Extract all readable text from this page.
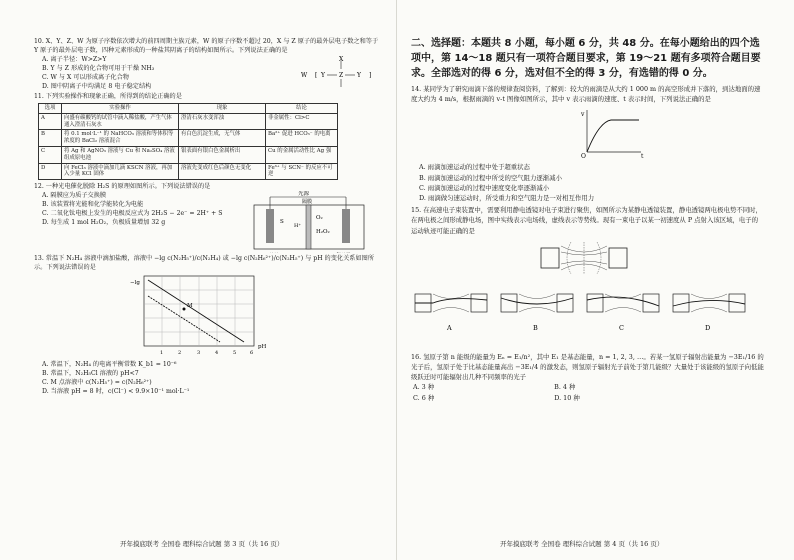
10. X、Y、Z、W 为原子序数依次增大的前四周期主族元素，W 的原子序数不超过 20，X 与 Z 原子的最外层电子数之和等于 Y 原子的最外层电子数，四种元素形成的一种盐其阴离子的结构如图所示。下列说法正确的是

A. 离子半径：W>Z>Y

B. Y 与 Z 形成的化合物可用于干燥 NH₃

C. W 与 X 可以形成离子化合物

D. 图中阴离子中均满足 8 电子稳定结构

W [ Y Z Y
X
]

11. 下列实验操作和现象正确，所得到的结论正确的是

选项	实验操作	现象	结论
A	向盛有碳酸钙的试管中滴入稀盐酸，产生气体通入澄清石灰水	澄清石灰水变浑浊	非金属性：Cl>C
B	将 0.1 mol·L⁻¹ 的 NaHCO₃ 溶液和等体积等浓度的 BaCl₂ 溶液混合	有白色沉淀生成，无气体	Ba²⁺ 促进 HCO₃⁻ 的电离
C	将 Ag 和 AgNO₃ 溶液与 Cu 和 Na₂SO₄ 溶液组成原电池	银表面有银白色金属析出	Cu 的金属活动性比 Ag 强
D	向 FeCl₃ 溶液中滴加几滴 KSCN 溶液，再加入少量 KCl 固体	溶液先变成红色后颜色无变化	Fe³⁺ 与 SCN⁻ 的反应不可逆

12. 一种光电催化脱除 H₂S 的原理如图所示。下列说法错误的是

A. 隔膜应为质子交换膜

B. 该装置将光能和化学能转化为电能

C. 二氧化钛电极上发生的电极反应式为 2H₂S − 2e⁻ = 2H⁺ + S

D. 每生成 1 mol H₂O₂，负极质量增加 32 g

光源
隔膜
S
O₂
H₂O₂
H⁺

13. 常温下 N₂H₄ 溶液中滴加盐酸，溶液中 −lg c(N₂H₅⁺)/c(N₂H₄) 或 −lg c(N₂H₆²⁺)/c(N₂H₅⁺) 与 pH 的变化关系如图所示。下列说法错误的是

M
−lg
pH
1	2	3	4	5	6

A. 常温下，N₂H₄ 的电离平衡常数 K_b1 = 10⁻⁶

B. 常温下，N₂H₅Cl 溶液的 pH<7

C. M 点溶液中 c(N₂H₅⁺) = c(N₂H₆²⁺)

D. 当溶液 pH = 8 时，c(Cl⁻) < 9.9×10⁻¹ mol·L⁻¹

开年摸底联考 全国卷 理科综合试题 第 3 页（共 16 页）

二、选择题：本题共 8 小题，每小题 6 分，共 48 分。在每小题给出的四个选项中，第 14～18 题只有一项符合题目要求，第 19～21 题有多项符合题目要求。全部选对的得 6 分，选对但不全的得 3 分，有选错的得 0 分。

14. 某同学为了研究雨滴下落的规律查阅资料，了解到：较大的雨滴是从大约 1 000 m 的高空形成并下落的，到达地面的速度大约为 4 m/s，根据雨滴的 v-t 图像如图所示，其中 v 表示雨滴的速度、t 表示时间，下列说法正确的是

v
t
O

A. 雨滴加速运动的过程中处于超重状态

B. 雨滴加速运动的过程中所受的空气阻力逐渐减小

C. 雨滴加速运动的过程中速度变化率逐渐减小

D. 雨滴做匀速运动时，所受重力和空气阻力是一对相互作用力

15. 在高速电子束装置中，需要利用静电透镜对电子束进行聚焦，如图所示为某静电透镜装置，静电透镜两电极电势不同时，在两电极之间形成静电场，图中实线表示电场线，虚线表示等势线。现有一束电子以某一初速度从 P 点射入该区域，电子的运动轨迹可能正确的是

A	B	C	D

16. 氢原子第 n 能级的能量为 Eₙ = E₁/n²，其中 E₁ 是基态能量，n = 1, 2, 3, …。若某一氢原子辐射出能量为 −3E₁/16 的光子后，氢原子处于比基态能量高出 −3E₁/4 的激发态，则氢原子辐射光子前处于第几能级？大量处于该能级的氢原子向低能级跃迁时可能辐射出几种不同频率的光子

A. 3 种	B. 4 种
C. 6 种	D. 10 种
开年摸底联考 全国卷 理科综合试题 第 4 页（共 16 页）
